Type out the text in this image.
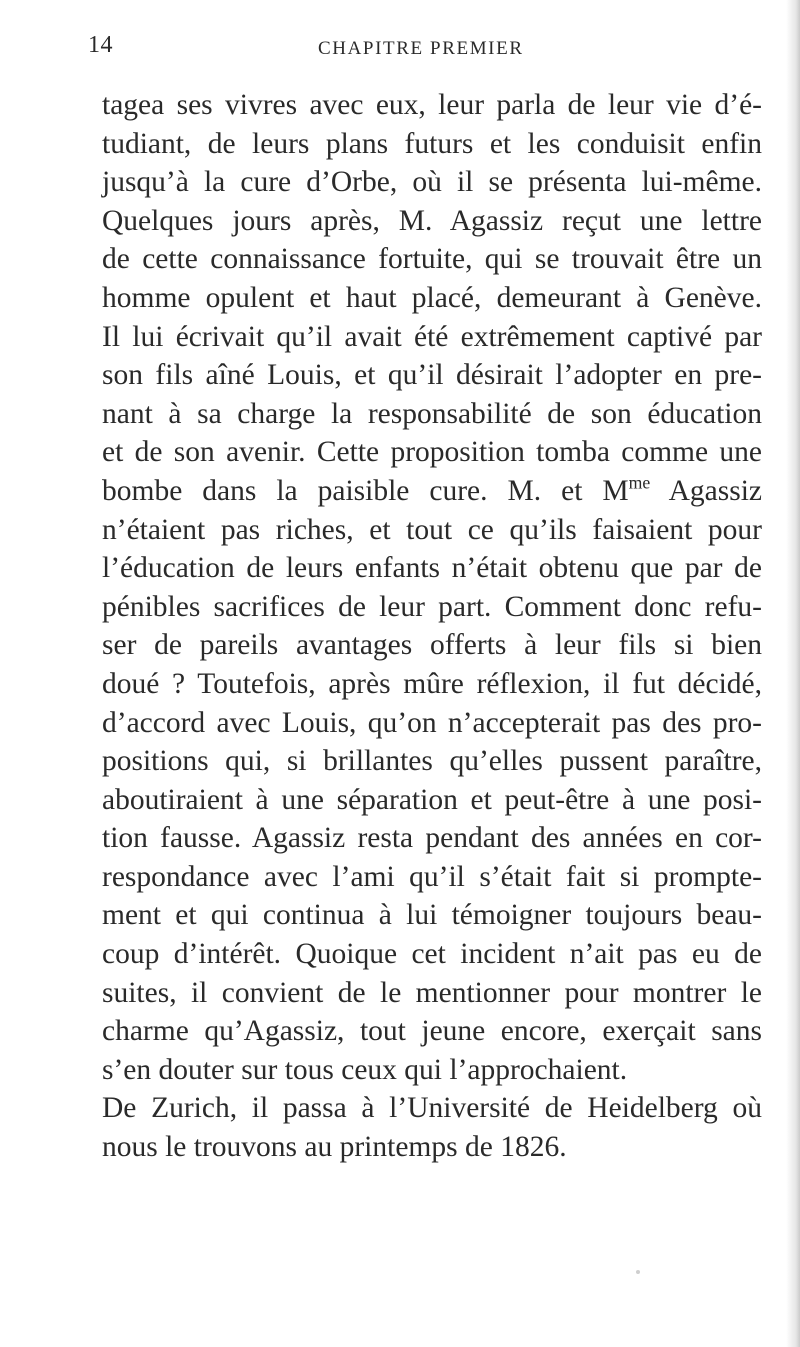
14	CHAPITRE PREMIER
tagea ses vivres avec eux, leur parla de leur vie d’é-
tudiant, de leurs plans futurs et les conduisit enfin
jusqu’à la cure d’Orbe, où il se présenta lui-même.
Quelques jours après, M. Agassiz reçut une lettre
de cette connaissance fortuite, qui se trouvait être un
homme opulent et haut placé, demeurant à Genève.
Il lui écrivait qu’il avait été extrêmement captivé par
son fils aîné Louis, et qu’il désirait l’adopter en pre-
nant à sa charge la responsabilité de son éducation
et de son avenir. Cette proposition tomba comme une
bombe dans la paisible cure. M. et $M^{me}$ Agassiz
n’étaient pas riches, et tout ce qu’ils faisaient pour
l’éducation de leurs enfants n’était obtenu que par de
pénibles sacrifices de leur part. Comment donc refu-
ser de pareils avantages offerts à leur fils si bien
doué ? Toutefois, après mûre réflexion, il fut décidé,
d’accord avec Louis, qu’on n’accepterait pas des pro-
positions qui, si brillantes qu’elles pussent paraître,
aboutiraient à une séparation et peut-être à une posi-
tion fausse. Agassiz resta pendant des années en cor-
respondance avec l’ami qu’il s’était fait si prompte-
ment et qui continua à lui témoigner toujours beau-
coup d’intérêt. Quoique cet incident n’ait pas eu de
suites, il convient de le mentionner pour montrer le
charme qu’Agassiz, tout jeune encore, exerçait sans
s’en douter sur tous ceux qui l’approchaient.
De Zurich, il passa à l’Université de Heidelberg où
nous le trouvons au printemps de 1826.
